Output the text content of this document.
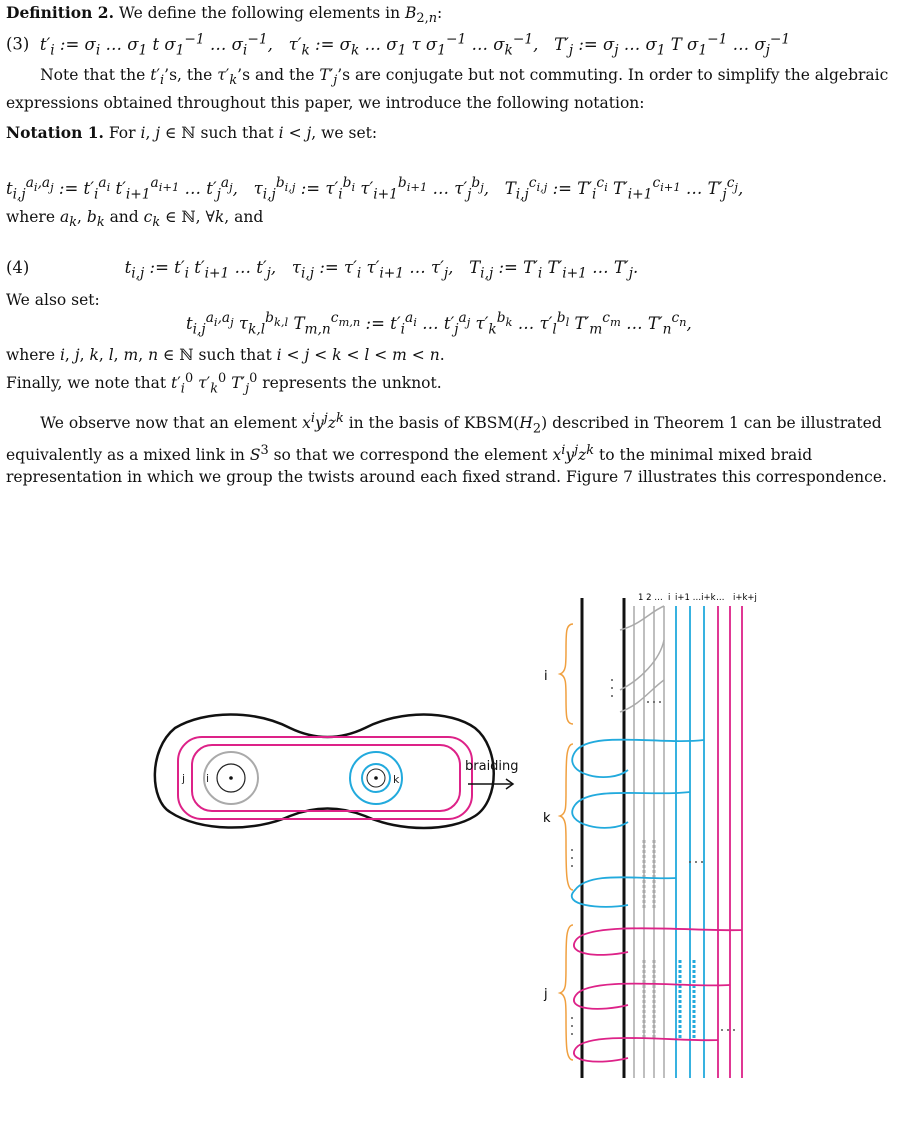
Definition 2. We define the following elements in $B_{2,n}$:
(3) $t'_i$ := $\sigma_i$ … $\sigma_1$ t $\sigma_1^{-1}$ … $\sigma_i^{-1}$,   $\tau'_k$ := $\sigma_k$ … $\sigma_1$ τ $\sigma_1^{-1}$ … $\sigma_k^{-1}$,   $T'_j$ := $\sigma_j$ … $\sigma_1$ T $\sigma_1^{-1}$ … $\sigma_j^{-1}$
Note that the $t'_i’s$, the $\tau'_k’s$ and the $T'_j’s$ are conjugate but not commuting. In order to simplify the algebraic expressions obtained throughout this paper, we introduce the following notation:
Notation 1. For i, j ∈ ℕ such that i < j, we set:
$t_{i,j}^{a_i,a_j}$ := $t'_i^{a_i}$ $t'_{i+1}^{a_{i+1}}$ … $t'_j^{a_j}$,   $\tau_{i,j}^{b_{i,j}}$ := $\tau'_i^{b_i}$ $\tau'_{i+1}^{b_{i+1}}$ … $\tau'_j^{b_j}$,   $T_{i,j}^{c_{i,j}}$ := $T'_i^{c_i}$ $T'_{i+1}^{c_{i+1}}$ … $T'_j^{c_j}$,
where $a_k$, $b_k$ and $c_k$ ∈ ℕ, ∀k, and
(4)	$t_{i,j}$ := $t'_i$ $t'_{i+1}$ … $t'_j$,   $\tau_{i,j}$ := $\tau'_i$ $\tau'_{i+1}$ … $\tau'_j$,   $T_{i,j}$ := $T'_i$ $T'_{i+1}$ … $T'_j$.
We also set:
$t_{i,j}^{a_i,a_j}$ $\tau_{k,l}^{b_{k,l}}$ $T_{m,n}^{c_{m,n}}$ := $t'_i^{a_i}$ … $t'_j^{a_j}$ $\tau'_k^{b_k}$ … $\tau'_l^{b_l}$ $T'_m^{c_m}$ … $T'_n^{c_n}$,
where i, j, k, l, m, n ∈ ℕ such that i < j < k < l < m < n.
Finally, we note that $t'_i^0$ $\tau'_k^0$ $T'_j^0$ represents the unknot.
We observe now that an element $x^iy^jz^k$ in the basis of $KBSM(H_2)$ described in Theorem 1 can be illustrated equivalently as a mixed link in $S^3$ so that we correspond the element $x^iy^jz^k$ to the minimal mixed braid representation in which we group the twists around each fixed strand. Figure 7 illustrates this correspondence.
j i	k
braiding
i
k
j
1 2 … i i+1 …i+k … i+k+j
